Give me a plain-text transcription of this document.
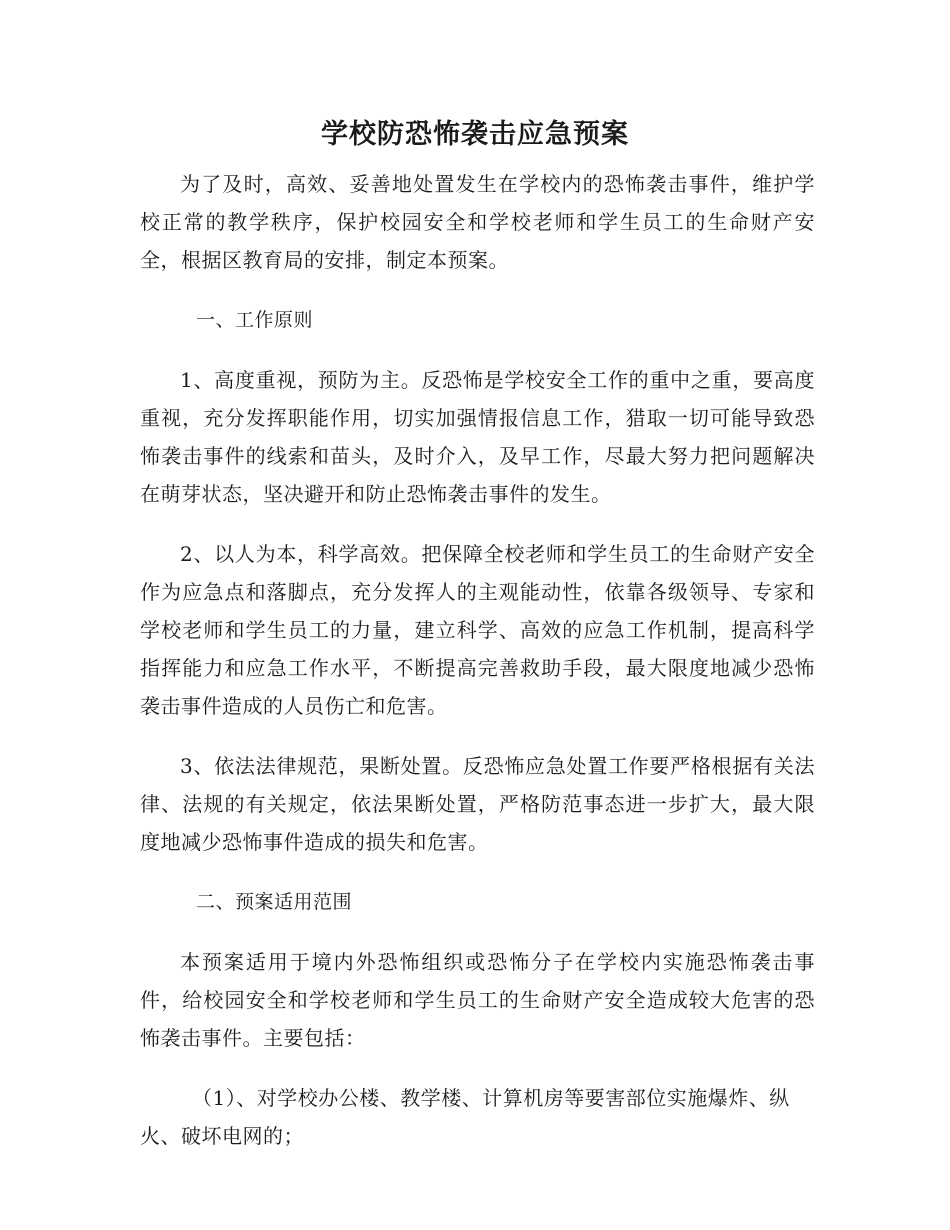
学校防恐怖袭击应急预案

为了及时，高效、妥善地处置发生在学校内的恐怖袭击事件，维护学校正常的教学秩序，保护校园安全和学校老师和学生员工的生命财产安全，根据区教育局的安排，制定本预案。

一、工作原则

1、高度重视，预防为主。反恐怖是学校安全工作的重中之重，要高度重视，充分发挥职能作用，切实加强情报信息工作，猎取一切可能导致恐怖袭击事件的线索和苗头，及时介入，及早工作，尽最大努力把问题解决在萌芽状态，坚决避开和防止恐怖袭击事件的发生。

2、以人为本，科学高效。把保障全校老师和学生员工的生命财产安全作为应急点和落脚点，充分发挥人的主观能动性，依靠各级领导、专家和学校老师和学生员工的力量，建立科学、高效的应急工作机制，提高科学指挥能力和应急工作水平，不断提高完善救助手段，最大限度地减少恐怖袭击事件造成的人员伤亡和危害。

3、依法法律规范，果断处置。反恐怖应急处置工作要严格根据有关法律、法规的有关规定，依法果断处置，严格防范事态进一步扩大，最大限度地减少恐怖事件造成的损失和危害。

二、预案适用范围

本预案适用于境内外恐怖组织或恐怖分子在学校内实施恐怖袭击事件，给校园安全和学校老师和学生员工的生命财产安全造成较大危害的恐怖袭击事件。主要包括：

（1）、对学校办公楼、教学楼、计算机房等要害部位实施爆炸、纵火、破坏电网的；
